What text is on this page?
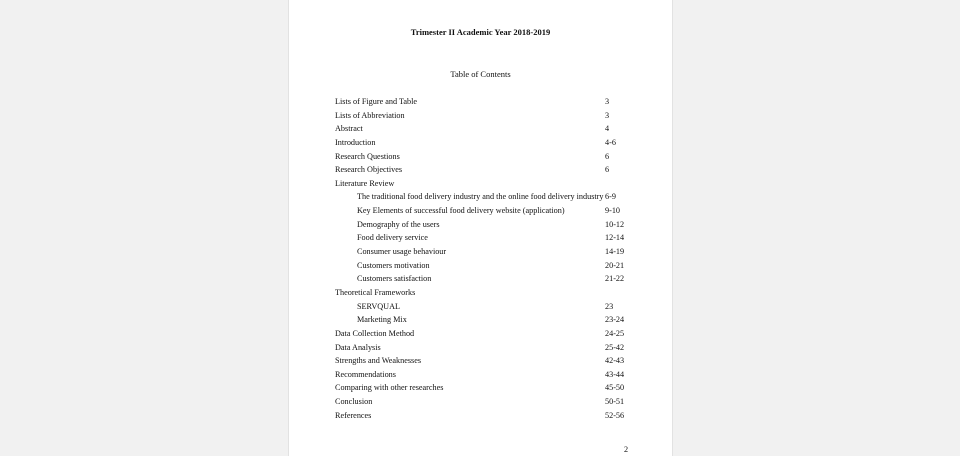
Trimester II Academic Year 2018-2019
Table of Contents
Lists of Figure and Table	3
Lists of Abbreviation	3
Abstract	4
Introduction	4-6
Research Questions	6
Research Objectives	6
Literature Review
The traditional food delivery industry and the online food delivery industry 6-9
Key Elements of successful food delivery website (application)	9-10
Demography of the users	10-12
Food delivery service	12-14
Consumer usage behaviour	14-19
Customers motivation	20-21
Customers satisfaction	21-22
Theoretical Frameworks
SERVQUAL	23
Marketing Mix	23-24
Data Collection Method	24-25
Data Analysis	25-42
Strengths and Weaknesses	42-43
Recommendations	43-44
Comparing with other researches	45-50
Conclusion	50-51
References	52-56
2
